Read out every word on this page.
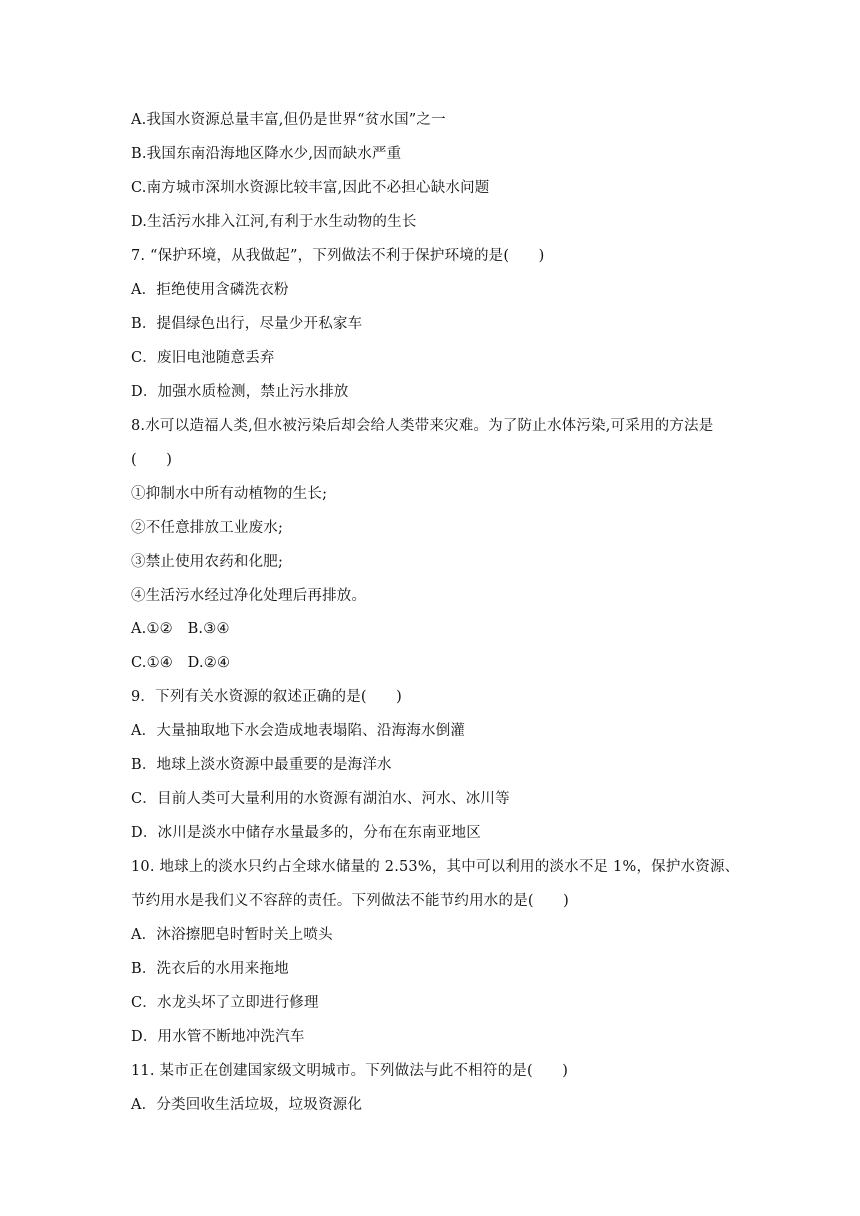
A.我国水资源总量丰富,但仍是世界“贫水国”之一
B.我国东南沿海地区降水少,因而缺水严重
C.南方城市深圳水资源比较丰富,因此不必担心缺水问题
D.生活污水排入江河,有利于水生动物的生长
7. “保护环境，从我做起”，下列做法不利于保护环境的是(　　)
A．拒绝使用含磷洗衣粉
B．提倡绿色出行，尽量少开私家车
C．废旧电池随意丢弃
D．加强水质检测，禁止污水排放
8.水可以造福人类,但水被污染后却会给人类带来灾难。为了防止水体污染,可采用的方法是
(　　)
①抑制水中所有动植物的生长;
②不任意排放工业废水;
③禁止使用农药和化肥;
④生活污水经过净化处理后再排放。
A.①②　B.③④
C.①④　D.②④
9．下列有关水资源的叙述正确的是(　　)
A．大量抽取地下水会造成地表塌陷、沿海海水倒灌
B．地球上淡水资源中最重要的是海洋水
C．目前人类可大量利用的水资源有湖泊水、河水、冰川等
D．冰川是淡水中储存水量最多的，分布在东南亚地区
10. 地球上的淡水只约占全球水储量的 2.53%，其中可以利用的淡水不足 1%，保护水资源、
节约用水是我们义不容辞的责任。下列做法不能节约用水的是(　　)
A．沐浴擦肥皂时暂时关上喷头
B．洗衣后的水用来拖地
C．水龙头坏了立即进行修理
D．用水管不断地冲洗汽车
11. 某市正在创建国家级文明城市。下列做法与此不相符的是(　　)
A．分类回收生活垃圾，垃圾资源化
